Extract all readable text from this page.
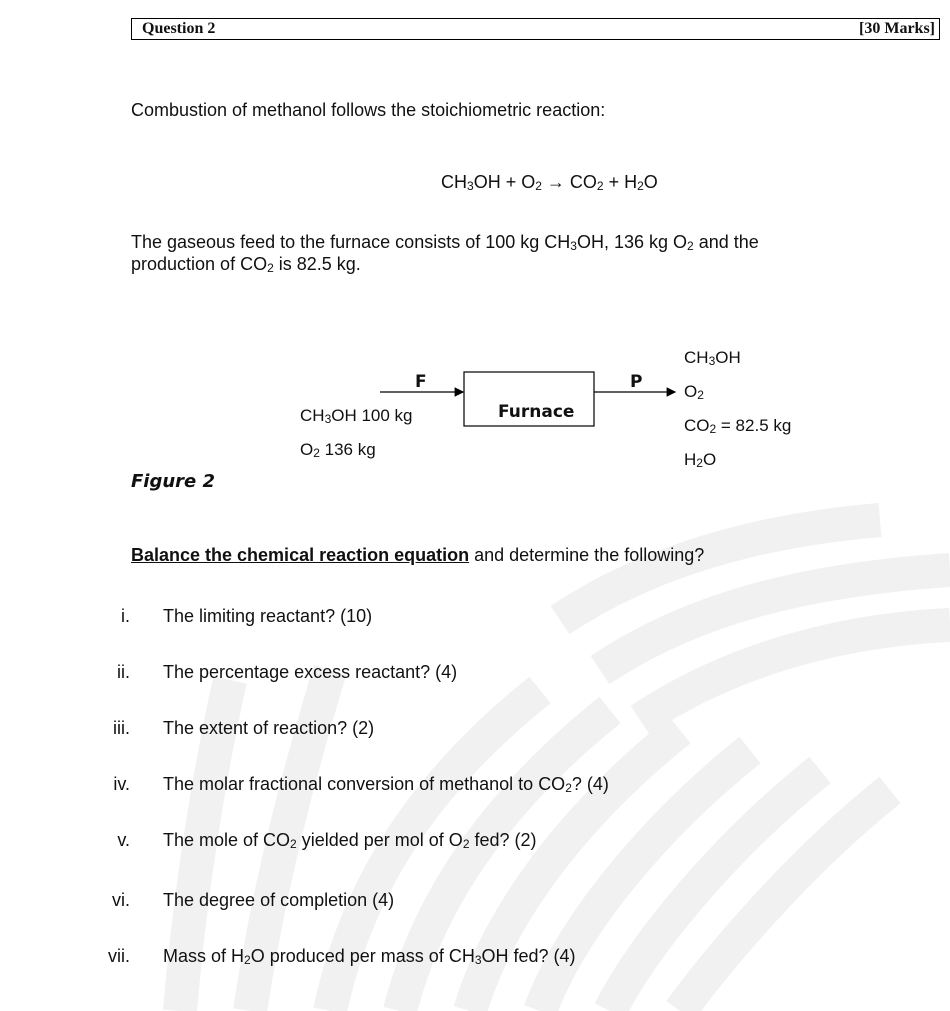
Question 2	[30 Marks]
Combustion of methanol follows the stoichiometric reaction:
$CH_3OH + O_2 \to CO_2 + H_2O$
The gaseous feed to the furnace consists of 100 kg $CH_3OH$, 136 kg $O_2$ and the
production of $CO_2$ is 82.5 kg.
Furnace
F	P
$CH_3OH$ 100 kg
$O_2$ 136 kg
$CH_3OH$
$O_2$
$CO_2 = 82.5$ kg
$H_2O$
Figure 2
Balance the chemical reaction equation and determine the following?
i. The limiting reactant? (10)
ii. The percentage excess reactant? (4)
iii. The extent of reaction? (2)
iv. The molar fractional conversion of methanol to $CO_2$? (4)
v. The mole of $CO_2$ yielded per mol of $O_2$ fed? (2)
vi. The degree of completion (4)
vii. Mass of $H_2O$ produced per mass of $CH_3OH$ fed? (4)
